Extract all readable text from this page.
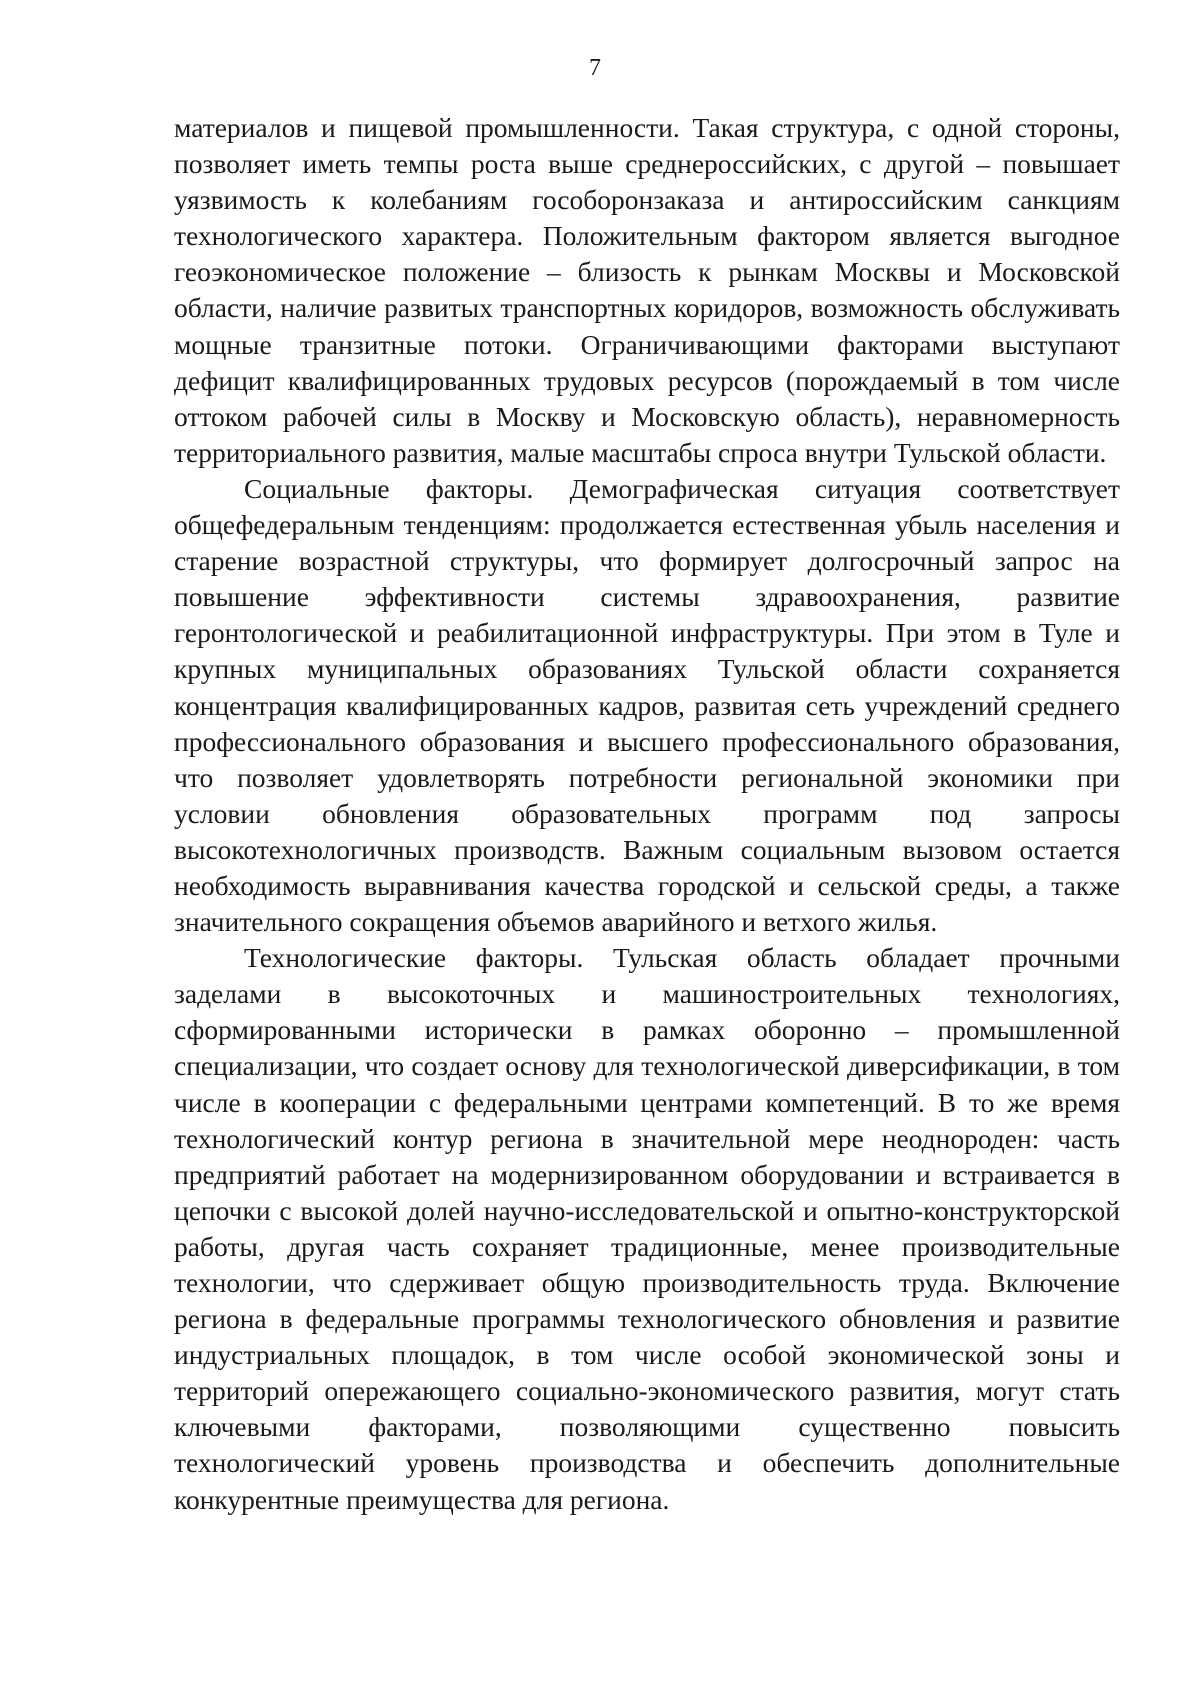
7

материалов и пищевой промышленности. Такая структура, с одной стороны, позволяет иметь темпы роста выше среднероссийских, с другой – повышает уязвимость к колебаниям гособоронзаказа и антироссийским санкциям технологического характера. Положительным фактором является выгодное геоэкономическое положение – близость к рынкам Москвы и Московской области, наличие развитых транспортных коридоров, возможность обслуживать мощные транзитные потоки. Ограничивающими факторами выступают дефицит квалифицированных трудовых ресурсов (порождаемый в том числе оттоком рабочей силы в Москву и Московскую область), неравномерность территориального развития, малые масштабы спроса внутри Тульской области.

Социальные факторы. Демографическая ситуация соответствует общефедеральным тенденциям: продолжается естественная убыль населения и старение возрастной структуры, что формирует долгосрочный запрос на повышение эффективности системы здравоохранения, развитие геронтологической и реабилитационной инфраструктуры. При этом в Туле и крупных муниципальных образованиях Тульской области сохраняется концентрация квалифицированных кадров, развитая сеть учреждений среднего профессионального образования и высшего профессионального образования, что позволяет удовлетворять потребности региональной экономики при условии обновления образовательных программ под запросы высокотехнологичных производств. Важным социальным вызовом остается необходимость выравнивания качества городской и сельской среды, а также значительного сокращения объемов аварийного и ветхого жилья.

Технологические факторы. Тульская область обладает прочными заделами в высокоточных и машиностроительных технологиях, сформированными исторически в рамках оборонно – промышленной специализации, что создает основу для технологической диверсификации, в том числе в кооперации с федеральными центрами компетенций. В то же время технологический контур региона в значительной мере неоднороден: часть предприятий работает на модернизированном оборудовании и встраивается в цепочки с высокой долей научно-исследовательской и опытно-конструкторской работы, другая часть сохраняет традиционные, менее производительные технологии, что сдерживает общую производительность труда. Включение региона в федеральные программы технологического обновления и развитие индустриальных площадок, в том числе особой экономической зоны и территорий опережающего социально-экономического развития, могут стать ключевыми факторами, позволяющими существенно повысить технологический уровень производства и обеспечить дополнительные конкурентные преимущества для региона.
